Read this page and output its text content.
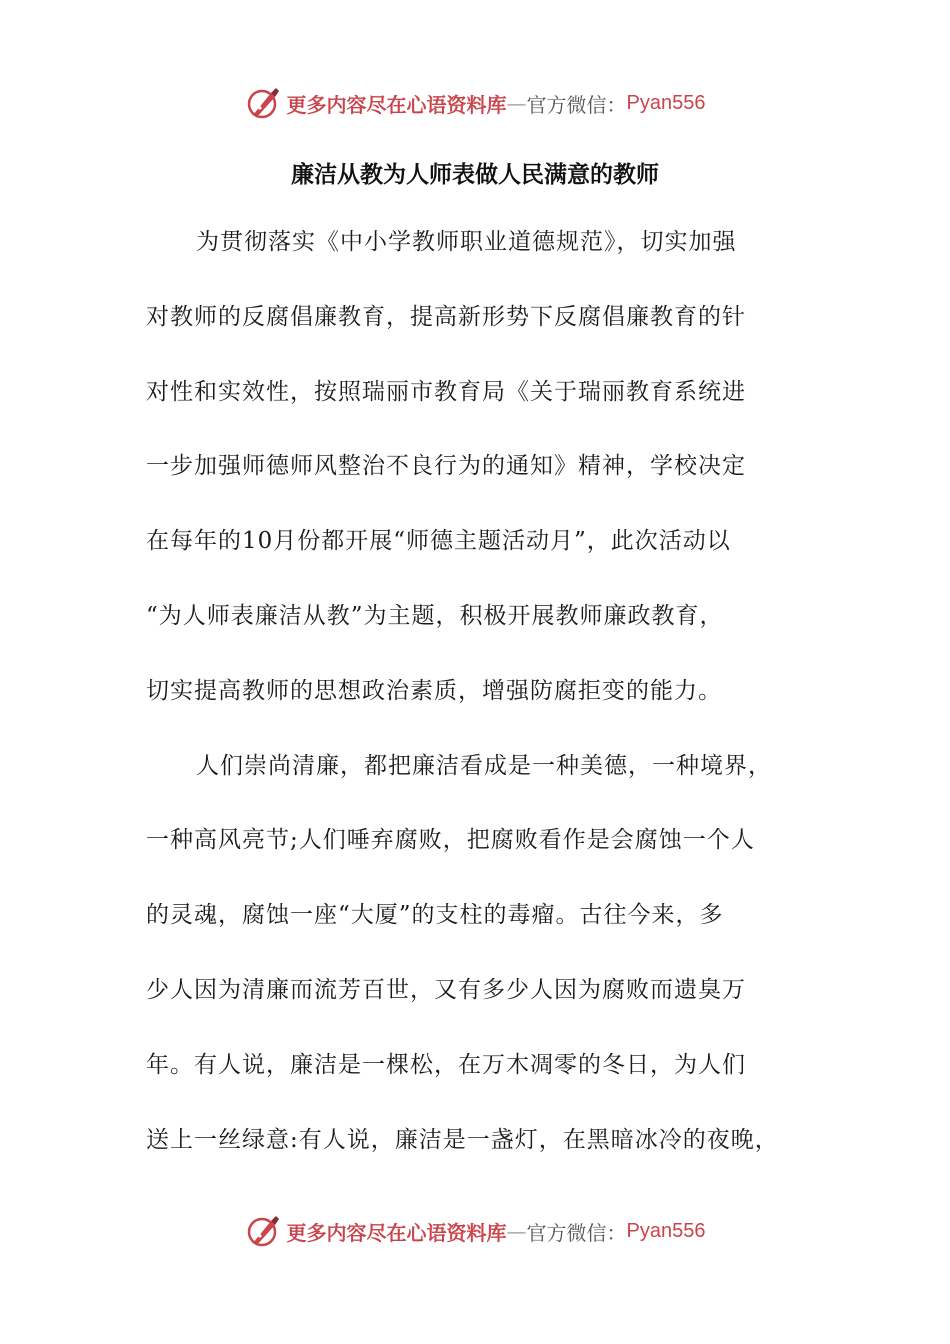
更多内容尽在心语资料库 — 官方微信： Pyan556
廉洁从教为人师表做人民满意的教师
为贯彻落实《中小学教师职业道德规范》，切实加强
对教师的反腐倡廉教育，提高新形势下反腐倡廉教育的针
对性和实效性，按照瑞丽市教育局《关于瑞丽教育系统进
一步加强师德师风整治不良行为的通知》精神，学校决定
在每年的10月份都开展“师德主题活动月”，此次活动以
“为人师表廉洁从教”为主题，积极开展教师廉政教育，
切实提高教师的思想政治素质，增强防腐拒变的能力。
人们崇尚清廉，都把廉洁看成是一种美德，一种境界，
一种高风亮节;人们唾弃腐败，把腐败看作是会腐蚀一个人
的灵魂，腐蚀一座“大厦”的支柱的毒瘤。古往今来，多
少人因为清廉而流芳百世，又有多少人因为腐败而遗臭万
年。有人说，廉洁是一棵松，在万木凋零的冬日，为人们
送上一丝绿意:有人说，廉洁是一盏灯，在黑暗冰冷的夜晚，
更多内容尽在心语资料库 — 官方微信： Pyan556
